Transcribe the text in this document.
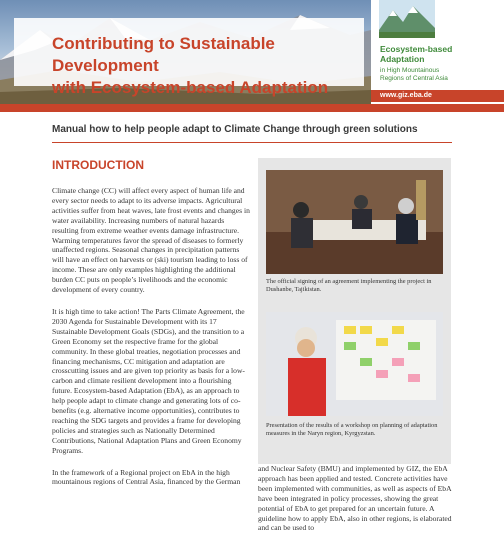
Contributing to Sustainable Development
with Ecosystem-based Adaptation
Ecosystem-based
Adaptation
in High Mountainous
Regions of Central Asia
www.giz.eba.de
Manual how to help people adapt to Climate Change through green solutions
INTRODUCTION

Climate change (CC) will affect every aspect of human life and every sector needs to adapt to its adverse impacts. Agricultural activities suffer from heat waves, late frost events and changes in water availability. Increasing numbers of natural hazards resulting from extreme weather events damage infrastructure. Warming temperatures favor the spread of diseases to formerly unaffected regions. Seasonal changes in precipitation patterns will have an effect on harvests or (ski) tourism leading to loss of income. These are only examples highlighting the additional burden CC puts on people’s livelihoods and the economic development of every country.

It is high time to take action! The Parts Climate Agreement, the 2030 Agenda for Sustainable Development with its 17 Sustainable Development Goals (SDGs), and the transition to a Green Economy set the respective frame for the global community. In these global treaties, negotiation processes and financing mechanisms, CC mitigation and adaptation are crosscutting issues and are given top priority as basis for a low-carbon and climate resilient development into a flourishing future. Ecosystem-based Adaptation (EbA), as an approach to help people adapt to climate change and generating lots of co-benefits (e.g. alternative income opportunities), contributes to reaching the SDG targets and provides a frame for developing policies and strategies such as Nationally Determined Contributions, National Adaptation Plans and Green Economy Programs.

In the framework of a Regional project on EbA in the high mountainous regions of Central Asia, financed by the German

The official signing of an agreement implementing the project in Dushanbe, Tajikistan.
Presentation of the results of a workshop on planning of adaptation measures in the Naryn region, Kyrgyzstan.
and Nuclear Safety (BMU) and implemented by GIZ, the EbA approach has been applied and tested. Concrete activities have been implemented with communities, as well as aspects of EbA have been integrated in policy processes, showing the great potential of EbA to get prepared for an uncertain future. A guideline how to apply EbA, also in other regions, is elaborated and can be used to
